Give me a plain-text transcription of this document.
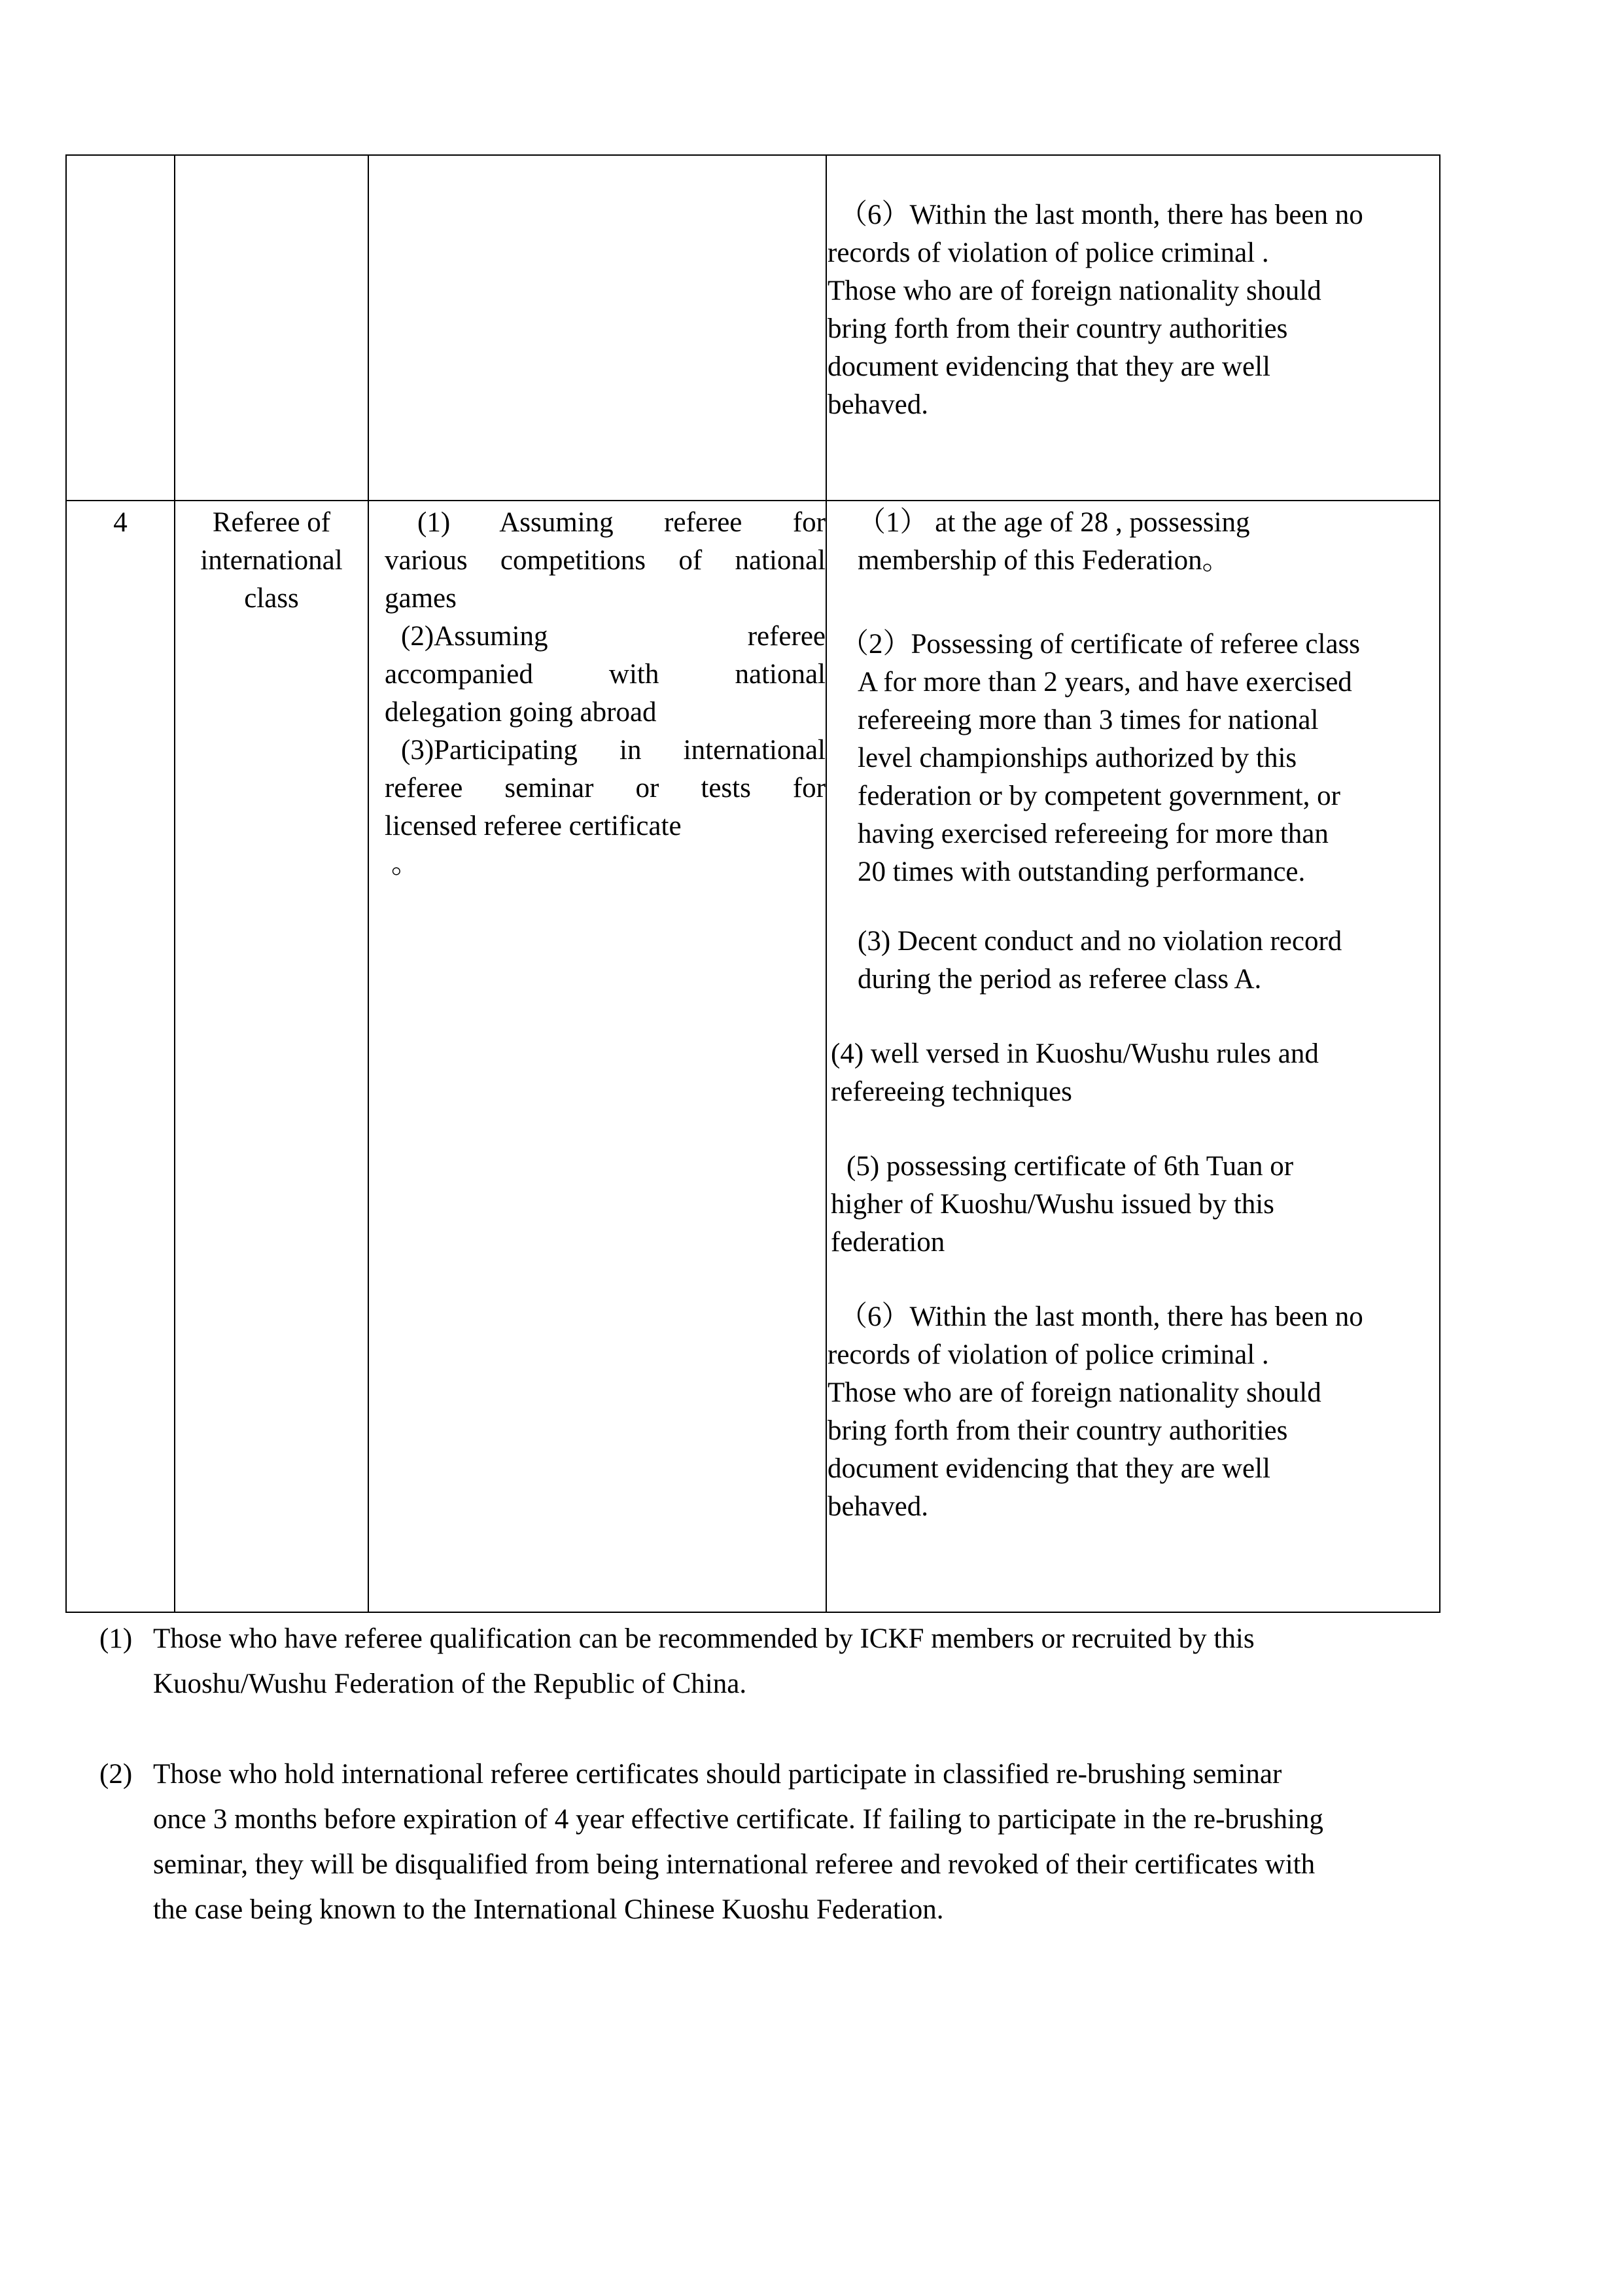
（6）Within the last month, there has been no
records of violation of police criminal .
Those who are of foreign nationality should
bring forth from their country authorities
document evidencing that they are well
behaved.
4	Referee of
international
class
(1) Assuming referee for
various competitions of national
games
(2)Assuming referee
accompanied with national
delegation going abroad
(3)Participating in international
referee seminar or tests for
licensed referee certificate
。
（1） at the age of 28 , possessing
membership of this Federation。
（2）Possessing of certificate of referee class
A for more than 2 years, and have exercised
refereeing more than 3 times for national
level championships authorized by this
federation or by competent government, or
having exercised refereeing for more than
20 times with outstanding performance.
(3) Decent conduct and no violation record
during the period as referee class A.
(4) well versed in Kuoshu/Wushu rules and
refereeing techniques
(5) possessing certificate of 6th Tuan or
higher of Kuoshu/Wushu issued by this
federation
（6）Within the last month, there has been no
records of violation of police criminal .
Those who are of foreign nationality should
bring forth from their country authorities
document evidencing that they are well
behaved.
(1) Those who have referee qualification can be recommended by ICKF members or recruited by this
Kuoshu/Wushu Federation of the Republic of China.
(2) Those who hold international referee certificates should participate in classified re-brushing seminar
once 3 months before expiration of 4 year effective certificate. If failing to participate in the re-brushing
seminar, they will be disqualified from being international referee and revoked of their certificates with
the case being known to the International Chinese Kuoshu Federation.
